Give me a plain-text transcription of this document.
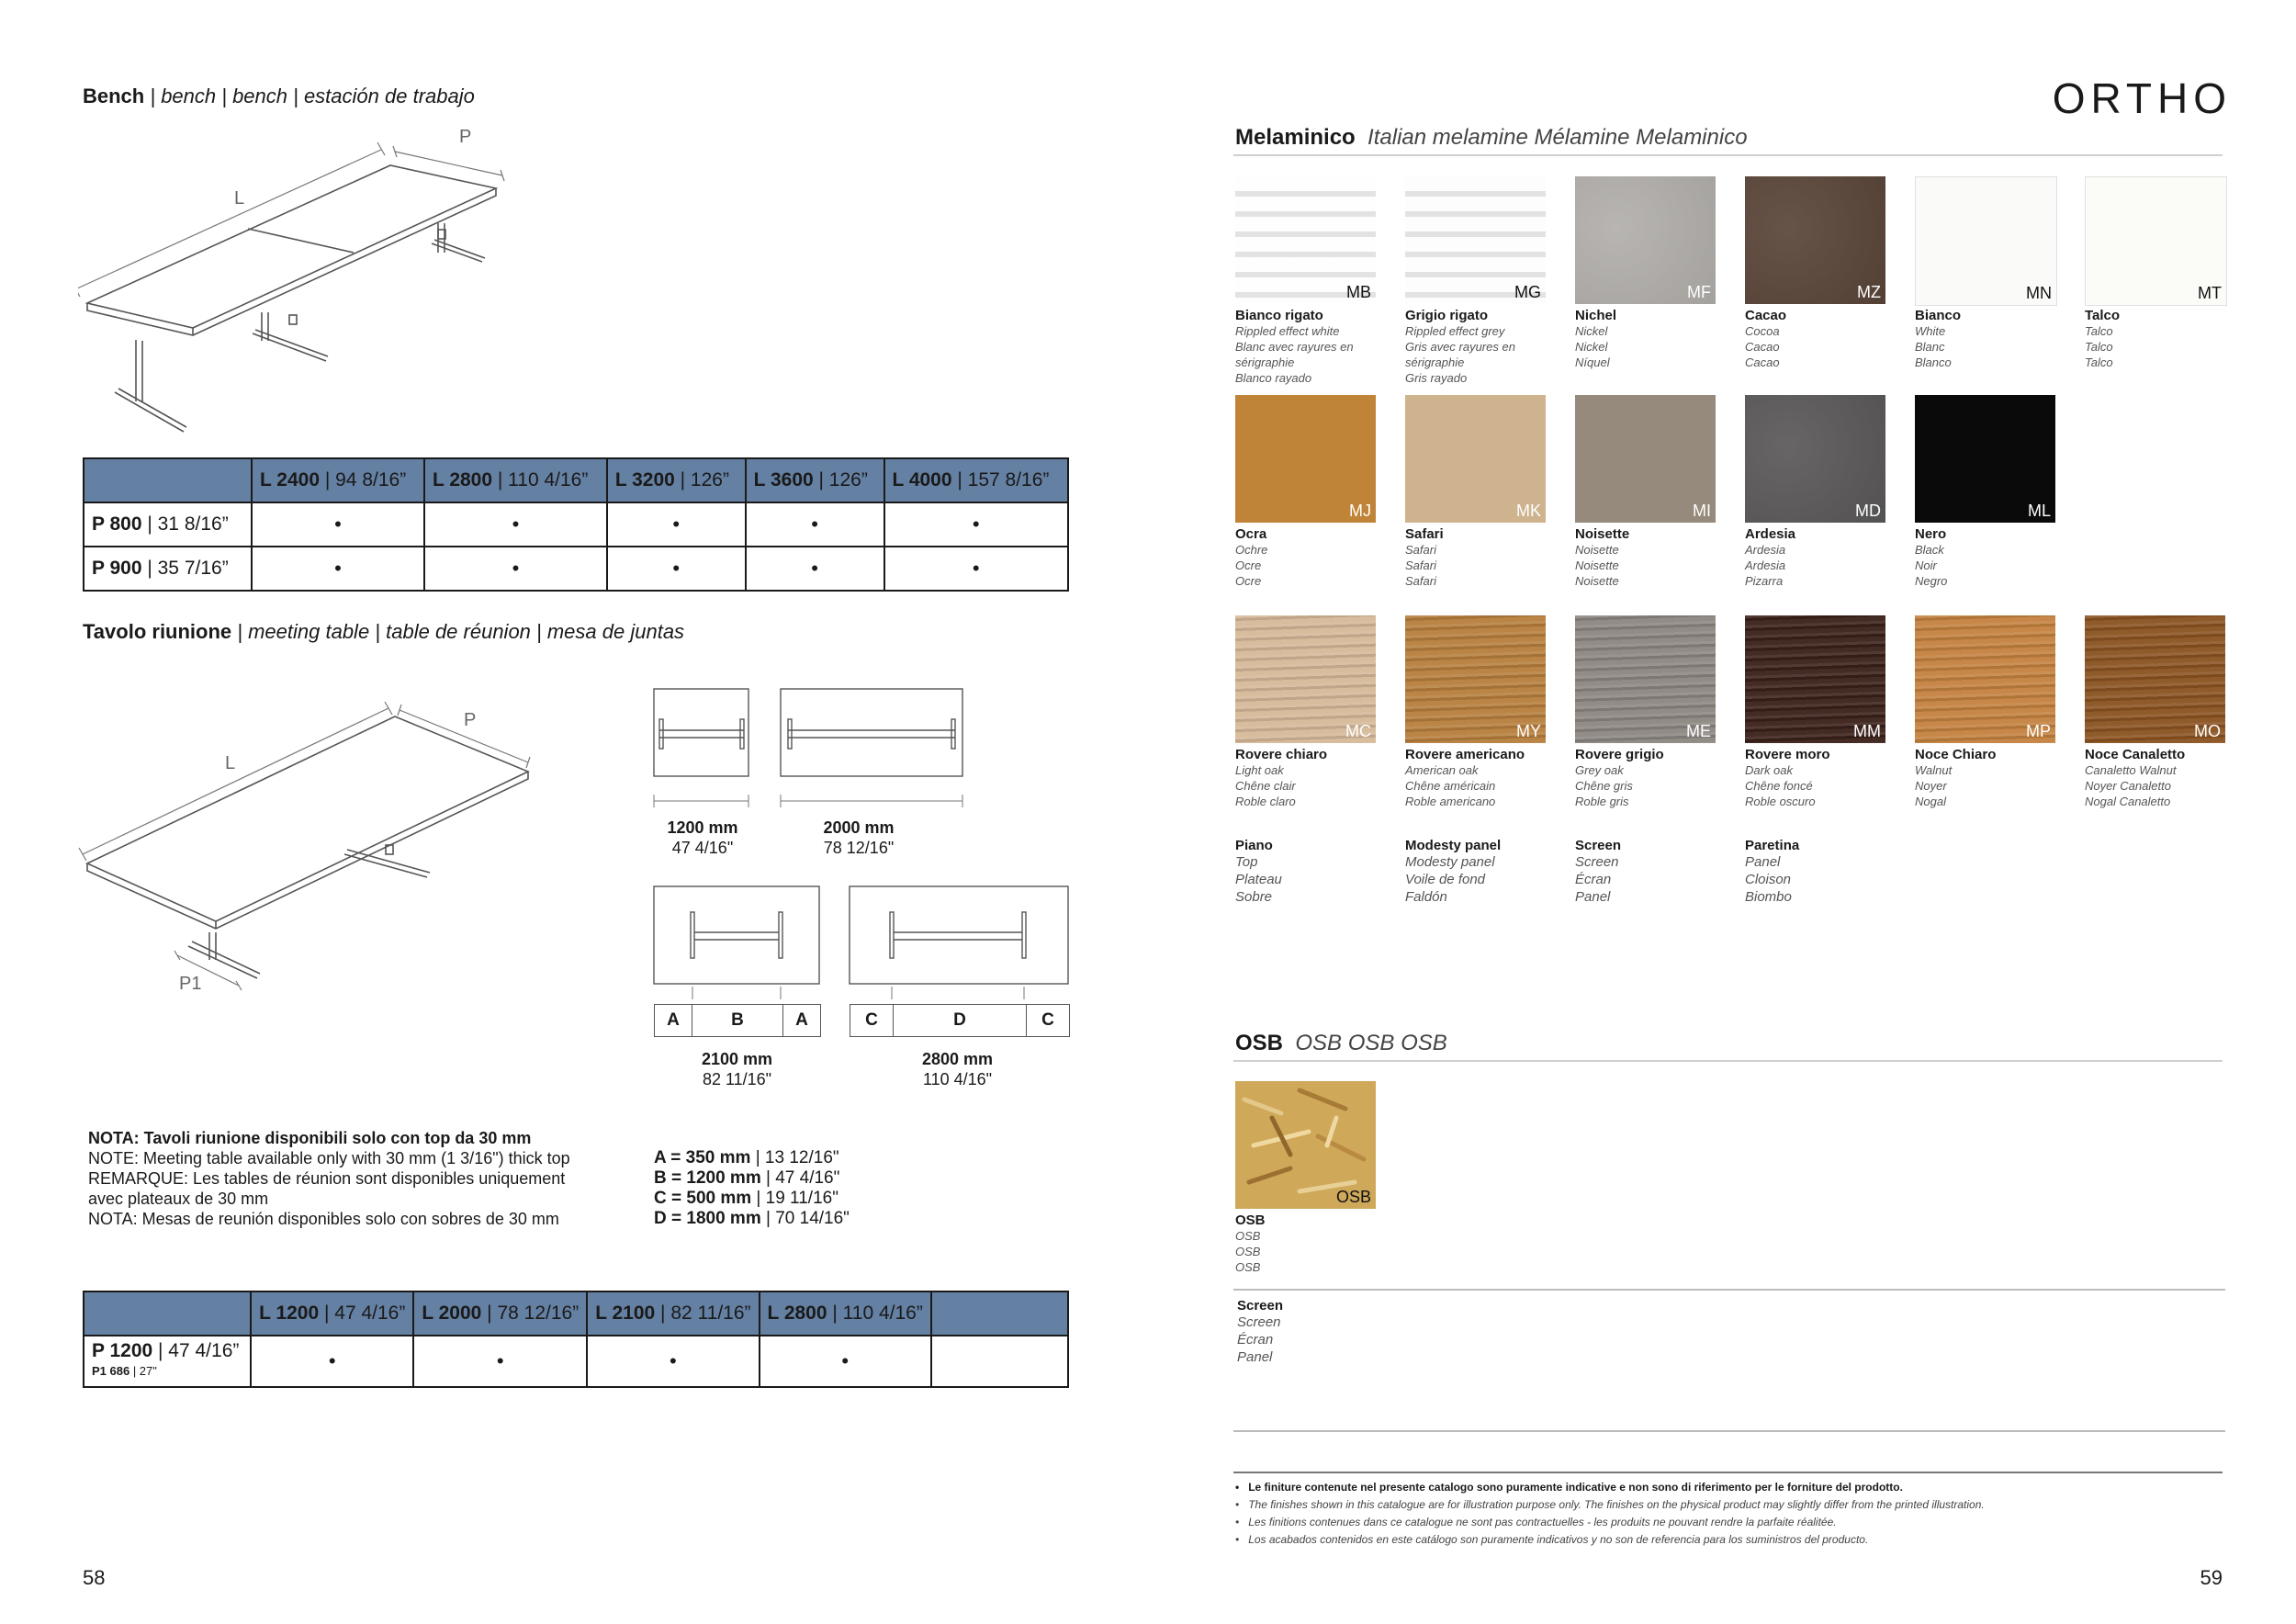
Bench | bench | bench | estación de trabajo
L
P
	L 2400 | 94 8/16”	L 2800 | 110 4/16”	L 3200 | 126”	L 3600 | 126”	L 4000 | 157 8/16”
P 800 | 31 8/16”	•	•	•	•	•
P 900 | 35 7/16”	•	•	•	•	•
Tavolo riunione | meeting table | table de réunion | mesa de juntas
L
P
P1
1200 mm
47 4/16"
2000 mm
78 12/16"
A	B	A	C	D	C
2100 mm
82 11/16"
2800 mm
110 4/16"
NOTA: Tavoli riunione disponibili solo con top da 30 mm
NOTE: Meeting table available only with 30 mm (1 3/16") thick top
REMARQUE: Les tables de réunion sont disponibles uniquement
avec plateaux de 30 mm
NOTA: Mesas de reunión disponibles solo con sobres de 30 mm
A = 350 mm | 13 12/16"
B = 1200 mm | 47 4/16"
C = 500 mm | 19 11/16"
D = 1800 mm | 70 14/16"
	L 1200 | 47 4/16”	L 2000 | 78 12/16”	L 2100 | 82 11/16”	L 2800 | 110 4/16”	
P 1200 | 47 4/16”
P1 686 | 27"	•	•	•	•	
58
ORTHO
Melaminico Italian melamine Mélamine Melaminico
MB
Bianco rigato
Rippled effect white
Blanc avec rayures en sérigraphie
Blanco rayado
MG
Grigio rigato
Rippled effect grey
Gris avec rayures en sérigraphie
Gris rayado
MF
Nichel
Nickel
Nickel
Níquel
MZ
Cacao
Cocoa
Cacao
Cacao
MN
Bianco
White
Blanc
Blanco
MT
Talco
Talco
Talco
Talco
MJ
Ocra
Ochre
Ocre
Ocre
MK
Safari
Safari
Safari
Safari
MI
Noisette
Noisette
Noisette
Noisette
MD
Ardesia
Ardesia
Ardesia
Pizarra
ML
Nero
Black
Noir
Negro
MC
Rovere chiaro
Light oak
Chêne clair
Roble claro
MY
Rovere americano
American oak
Chêne américain
Roble americano
ME
Rovere grigio
Grey oak
Chêne gris
Roble gris
MM
Rovere moro
Dark oak
Chêne foncé
Roble oscuro
MP
Noce Chiaro
Walnut
Noyer
Nogal
MO
Noce Canaletto
Canaletto Walnut
Noyer Canaletto
Nogal Canaletto
Piano
Top
Plateau
Sobre
Modesty panel
Modesty panel
Voile de fond
Faldón
Screen
Screen
Écran
Panel
Paretina
Panel
Cloison
Biombo
OSB OSB OSB OSB
OSB
OSB
OSB
OSB
OSB
Screen
Screen
Écran
Panel
•   Le finiture contenute nel presente catalogo sono puramente indicative e non sono di riferimento per le forniture del prodotto.
•   The finishes shown in this catalogue are for illustration purpose only. The finishes on the physical product may slightly differ from the printed illustration.
•   Les finitions contenues dans ce catalogue ne sont pas contractuelles - les produits ne pouvant rendre la parfaite réalitée.
•   Los acabados contenidos en este catálogo son puramente indicativos y no son de referencia para los suministros del producto.
59
